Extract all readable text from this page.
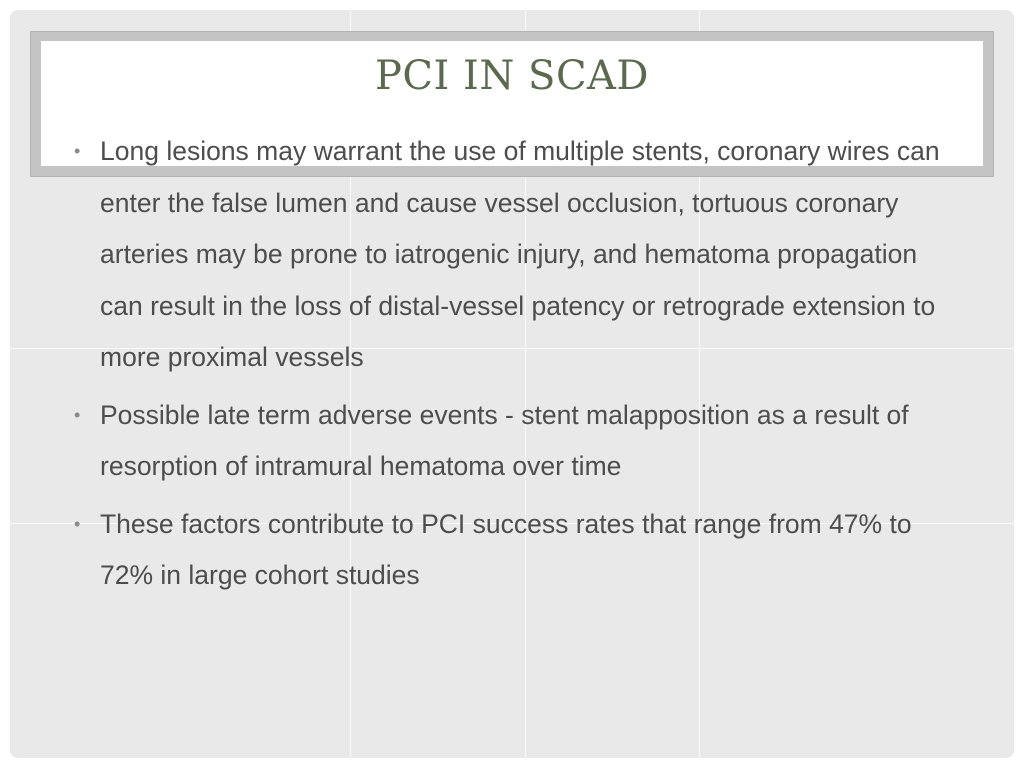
PCI IN SCAD
• Long lesions may warrant the use of multiple stents, coronary wires can enter the false lumen and cause vessel occlusion, tortuous coronary arteries may be prone to iatrogenic injury, and hematoma propagation can result in the loss of distal-vessel patency or retrograde extension to more proximal vessels
• Possible late term adverse events - stent malapposition as a result of resorption of intramural hematoma over time
• These factors contribute to PCI success rates that range from 47% to 72% in large cohort studies
